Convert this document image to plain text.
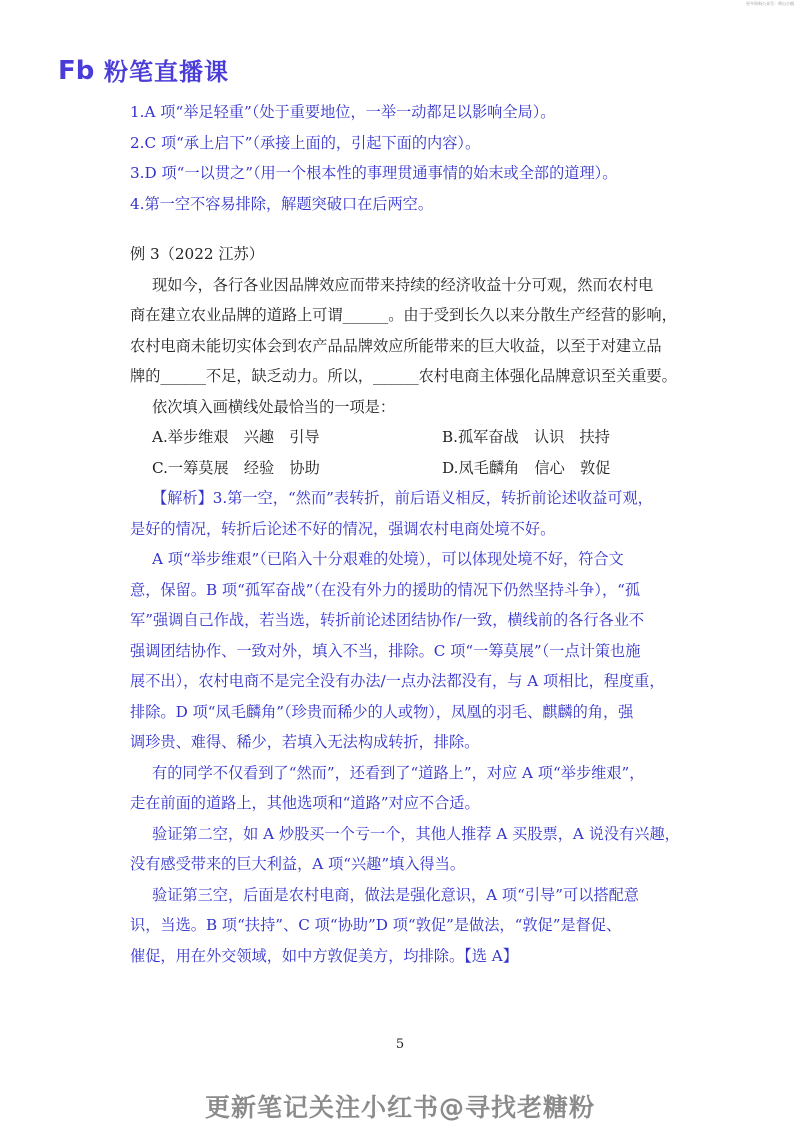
更多资料公众号：带山小镇
Fb 粉笔直播课

1.A 项“举足轻重”（处于重要地位，一举一动都足以影响全局）。

2.C 项“承上启下”（承接上面的，引起下面的内容）。

3.D 项“一以贯之”（用一个根本性的事理贯通事情的始末或全部的道理）。

4.第一空不容易排除，解题突破口在后两空。

例 3（2022 江苏）

现如今，各行各业因品牌效应而带来持续的经济收益十分可观，然而农村电

商在建立农业品牌的道路上可谓______。由于受到长久以来分散生产经营的影响，

农村电商未能切实体会到农产品品牌效应所能带来的巨大收益，以至于对建立品

牌的______不足，缺乏动力。所以，______农村电商主体强化品牌意识至关重要。

依次填入画横线处最恰当的一项是：

A.举步维艰　兴趣　引导	B.孤军奋战　认识　扶持
C.一筹莫展　经验　协助	D.凤毛麟角　信心　敦促

【解析】3.第一空，“然而”表转折，前后语义相反，转折前论述收益可观，

是好的情况，转折后论述不好的情况，强调农村电商处境不好。

A 项“举步维艰”（已陷入十分艰难的处境），可以体现处境不好，符合文

意，保留。B 项“孤军奋战”（在没有外力的援助的情况下仍然坚持斗争），“孤

军”强调自己作战，若当选，转折前论述团结协作/一致，横线前的各行各业不

强调团结协作、一致对外，填入不当，排除。C 项“一筹莫展”（一点计策也施

展不出），农村电商不是完全没有办法/一点办法都没有，与 A 项相比，程度重，

排除。D 项“凤毛麟角”（珍贵而稀少的人或物），凤凰的羽毛、麒麟的角，强

调珍贵、难得、稀少，若填入无法构成转折，排除。

有的同学不仅看到了“然而”，还看到了“道路上”，对应 A 项“举步维艰”，

走在前面的道路上，其他选项和“道路”对应不合适。

验证第二空，如 A 炒股买一个亏一个，其他人推荐 A 买股票，A 说没有兴趣，

没有感受带来的巨大利益，A 项“兴趣”填入得当。

验证第三空，后面是农村电商，做法是强化意识，A 项“引导”可以搭配意

识，当选。B 项“扶持”、C 项“协助”D 项“敦促”是做法，“敦促”是督促、

催促，用在外交领域，如中方敦促美方，均排除。【选 A】

5
更新笔记关注小红书@寻找老糖粉
